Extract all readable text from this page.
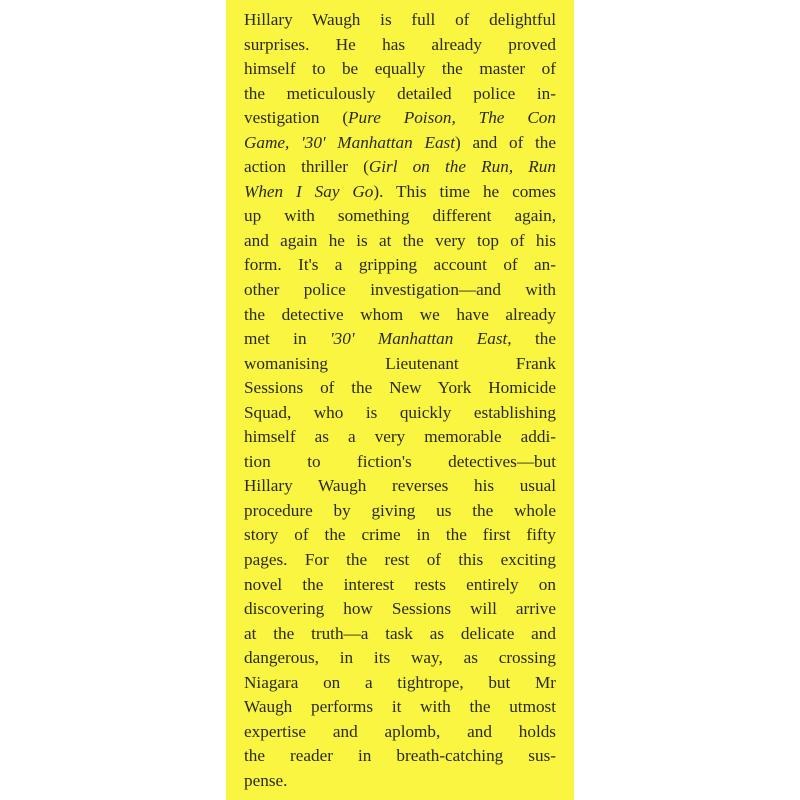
Hillary Waugh is full of delightful
surprises. He has already proved
himself to be equally the master of
the meticulously detailed police in-
vestigation (Pure Poison, The Con
Game, '30' Manhattan East) and of the
action thriller (Girl on the Run, Run
When I Say Go). This time he comes
up with something different again,
and again he is at the very top of his
form. It's a gripping account of an-
other police investigation—and with
the detective whom we have already
met in '30' Manhattan East, the
womanising Lieutenant Frank
Sessions of the New York Homicide
Squad, who is quickly establishing
himself as a very memorable addi-
tion to fiction's detectives—but
Hillary Waugh reverses his usual
procedure by giving us the whole
story of the crime in the first fifty
pages. For the rest of this exciting
novel the interest rests entirely on
discovering how Sessions will arrive
at the truth—a task as delicate and
dangerous, in its way, as crossing
Niagara on a tightrope, but Mr
Waugh performs it with the utmost
expertise and aplomb, and holds
the reader in breath-catching sus-
pense.
